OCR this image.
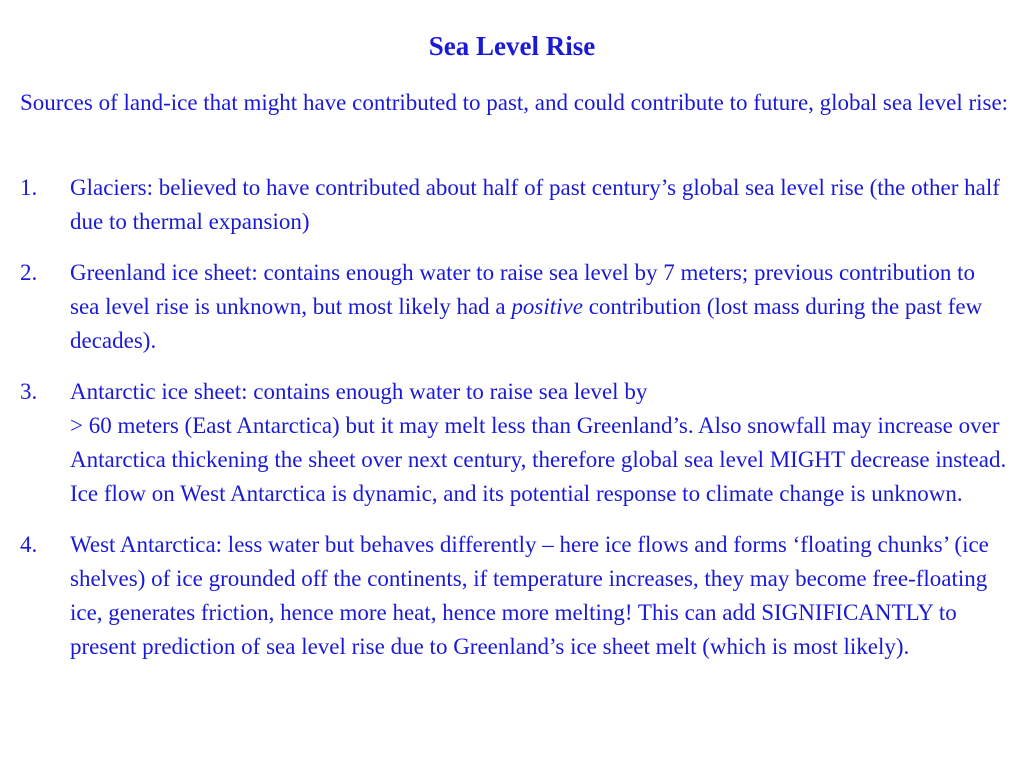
Sea Level Rise
Sources of land-ice that might have contributed to past, and could contribute to future, global sea level rise:
1. Glaciers: believed to have contributed about half of past century’s global sea level rise (the other half due to thermal expansion)
2. Greenland ice sheet: contains enough water to raise sea level by 7 meters; previous contribution to sea level rise is unknown, but most likely had a positive contribution (lost mass during the past few decades).
3. Antarctic ice sheet: contains enough water to raise sea level by
> 60 meters (East Antarctica) but it may melt less than Greenland’s. Also snowfall may increase over Antarctica thickening the sheet over next century, therefore global sea level MIGHT decrease instead. Ice flow on West Antarctica is dynamic, and its potential response to climate change is unknown.
4. West Antarctica: less water but behaves differently – here ice flows and forms ‘floating chunks’ (ice shelves) of ice grounded off the continents, if temperature increases, they may become free-floating ice, generates friction, hence more heat, hence more melting! This can add SIGNIFICANTLY to present prediction of sea level rise due to Greenland’s ice sheet melt (which is most likely).
